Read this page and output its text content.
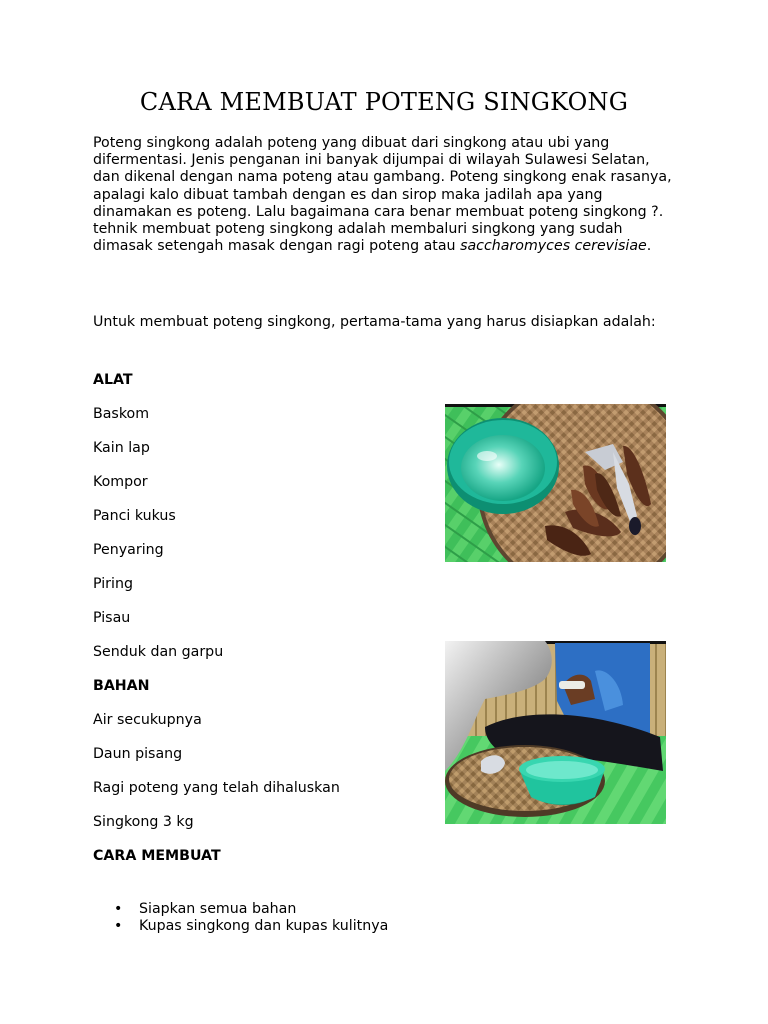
CARA MEMBUAT POTENG SINGKONG

Poteng singkong adalah poteng yang dibuat dari singkong atau ubi yang difermentasi. Jenis penganan ini banyak dijumpai di wilayah Sulawesi Selatan, dan dikenal dengan nama poteng atau gambang. Poteng singkong enak rasanya, apalagi kalo dibuat tambah dengan es dan sirop maka jadilah apa yang dinamakan es poteng. Lalu bagaimana cara benar membuat poteng singkong ?. tehnik membuat poteng singkong adalah membaluri singkong yang sudah dimasak setengah masak dengan ragi poteng atau saccharomyces cerevisiae.

Untuk membuat poteng singkong, pertama-tama yang harus disiapkan adalah:

ALAT

Baskom

Kain lap

Kompor

Panci kukus

Penyaring

Piring

Pisau

Senduk dan garpu

BAHAN

Air secukupnya

Daun pisang

Ragi poteng yang telah dihaluskan

Singkong 3 kg

CARA MEMBUAT

• Siapkan semua bahan
• Kupas singkong dan kupas kulitnya
